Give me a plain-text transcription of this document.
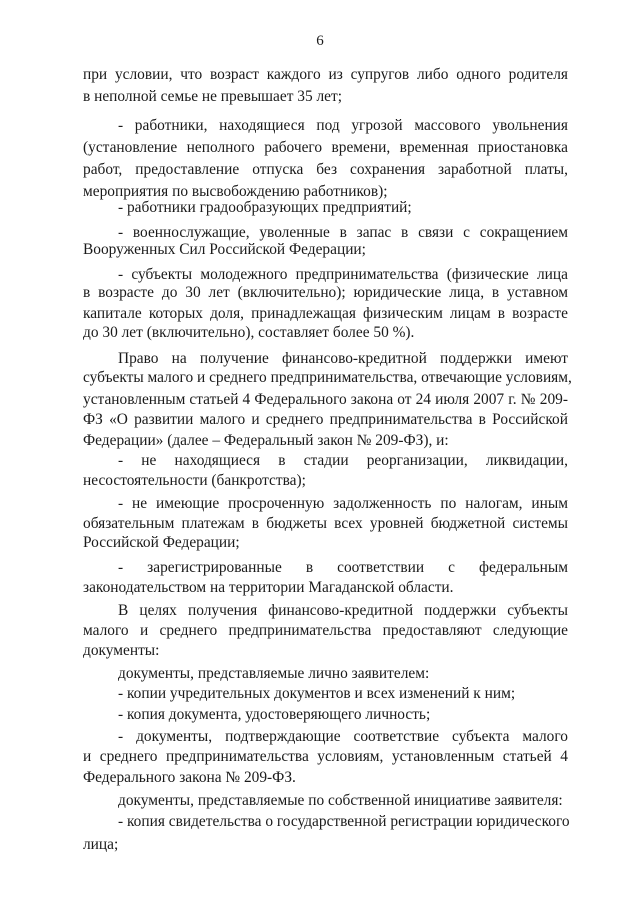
6
при условии, что возраст каждого из супругов либо одного родителя
в неполной семье не превышает 35 лет;
- работники, находящиеся под угрозой массового увольнения
(установление неполного рабочего времени, временная приостановка
работ, предоставление отпуска без сохранения заработной платы,
мероприятия по высвобождению работников);
- работники градообразующих предприятий;
- военнослужащие, уволенные в запас в связи с сокращением
Вооруженных Сил Российской Федерации;
- субъекты молодежного предпринимательства (физические лица
в возрасте до 30 лет (включительно); юридические лица, в уставном
капитале которых доля, принадлежащая физическим лицам в возрасте
до 30 лет (включительно), составляет более 50 %).
Право на получение финансово-кредитной поддержки имеют
субъекты малого и среднего предпринимательства, отвечающие условиям,
установленным статьей 4 Федерального закона от 24 июля 2007 г. № 209-
ФЗ «О развитии малого и среднего предпринимательства в Российской
Федерации» (далее – Федеральный закон № 209-ФЗ), и:
- не находящиеся в стадии реорганизации, ликвидации,
несостоятельности (банкротства);
- не имеющие просроченную задолженность по налогам, иным
обязательным платежам в бюджеты всех уровней бюджетной системы
Российской Федерации;
- зарегистрированные в соответствии с федеральным
законодательством на территории Магаданской области.
В целях получения финансово-кредитной поддержки субъекты
малого и среднего предпринимательства предоставляют следующие
документы:
документы, представляемые лично заявителем:
- копии учредительных документов и всех изменений к ним;
- копия документа, удостоверяющего личность;
- документы, подтверждающие соответствие субъекта малого
и среднего предпринимательства условиям, установленным статьей 4
Федерального закона № 209-ФЗ.
документы, представляемые по собственной инициативе заявителя:
- копия свидетельства о государственной регистрации юридического
лица;
